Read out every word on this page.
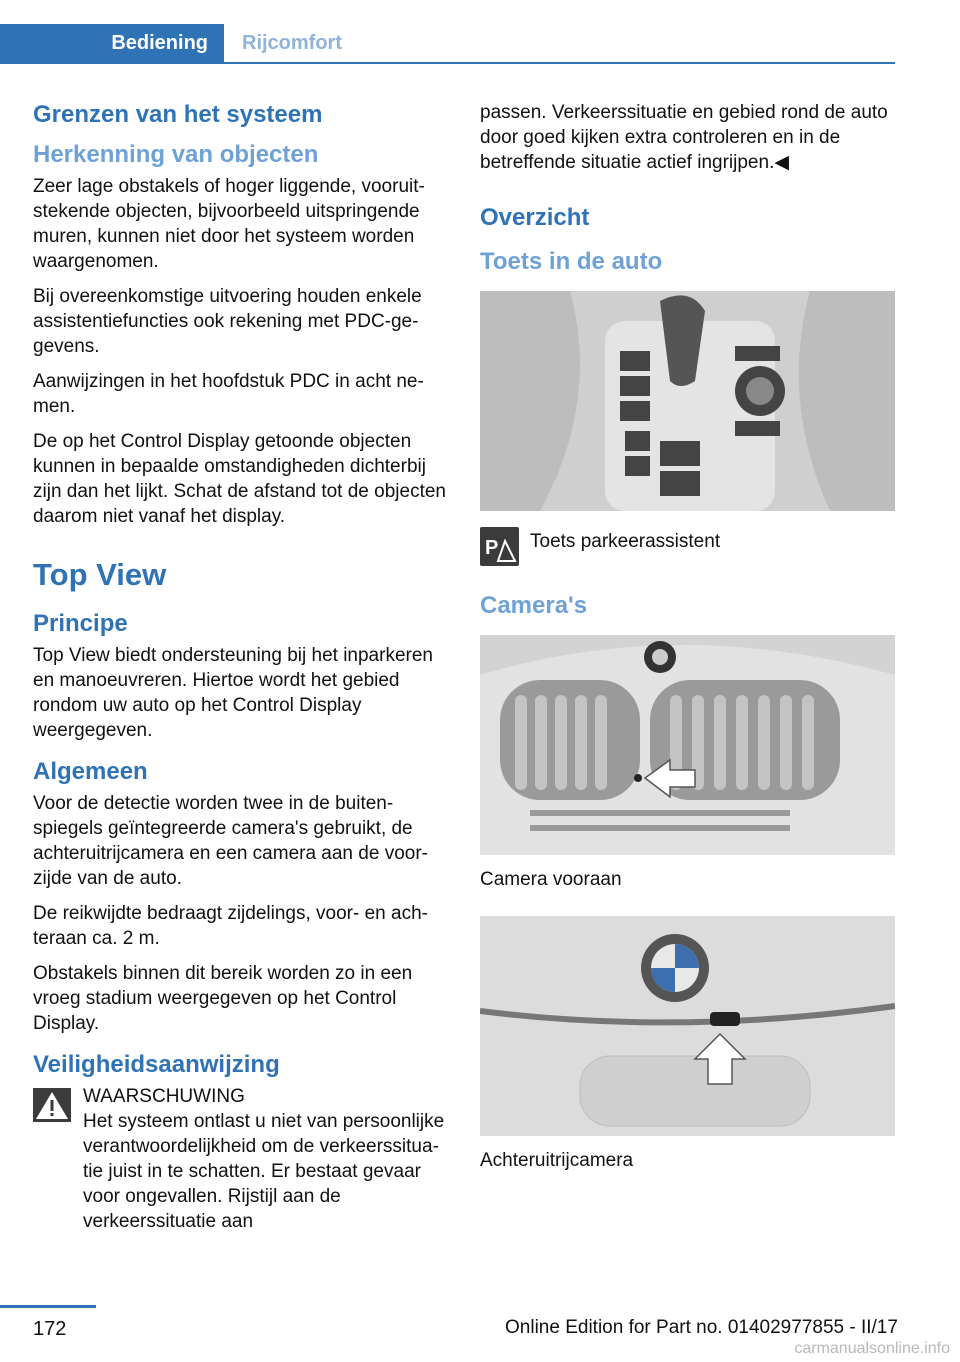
Bediening	Rijcomfort
Grenzen van het systeem
Herkenning van objecten

Zeer lage obstakels of hoger liggende, vooruitstekende objecten, bijvoorbeeld uitspringende muren, kunnen niet door het systeem worden waargenomen.

Bij overeenkomstige uitvoering houden enkele assistentiefuncties ook rekening met PDC-gegevens.

Aanwijzingen in het hoofdstuk PDC in acht nemen.

De op het Control Display getoonde objecten kunnen in bepaalde omstandigheden dichterbij zijn dan het lijkt. Schat de afstand tot de objecten daarom niet vanaf het display.

Top View
Principe

Top View biedt ondersteuning bij het inparkeren en manoeuvreren. Hiertoe wordt het gebied rondom uw auto op het Control Display weergegeven.

Algemeen

Voor de detectie worden twee in de buitenspiegels geïntegreerde camera's gebruikt, de achteruitrijcamera en een camera aan de voorzijde van de auto.

De reikwijdte bedraagt zijdelings, voor- en achteraan ca. 2 m.

Obstakels binnen dit bereik worden zo in een vroeg stadium weergegeven op het Control Display.

Veiligheidsaanwijzing

WAARSCHUWING

Het systeem ontlast u niet van persoonlijke verantwoordelijkheid om de verkeerssituatie juist in te schatten. Er bestaat gevaar voor ongevallen. Rijstijl aan de verkeerssituatie aan

passen. Verkeerssituatie en gebied rond de auto door goed kijken extra controleren en in de betreffende situatie actief ingrijpen.◀

Overzicht
Toets in de auto
P Toets parkeerassistent
Camera's

Camera vooraan

Achteruitrijcamera

172	Online Edition for Part no. 01402977855 - II/17
carmanualsonline.info
